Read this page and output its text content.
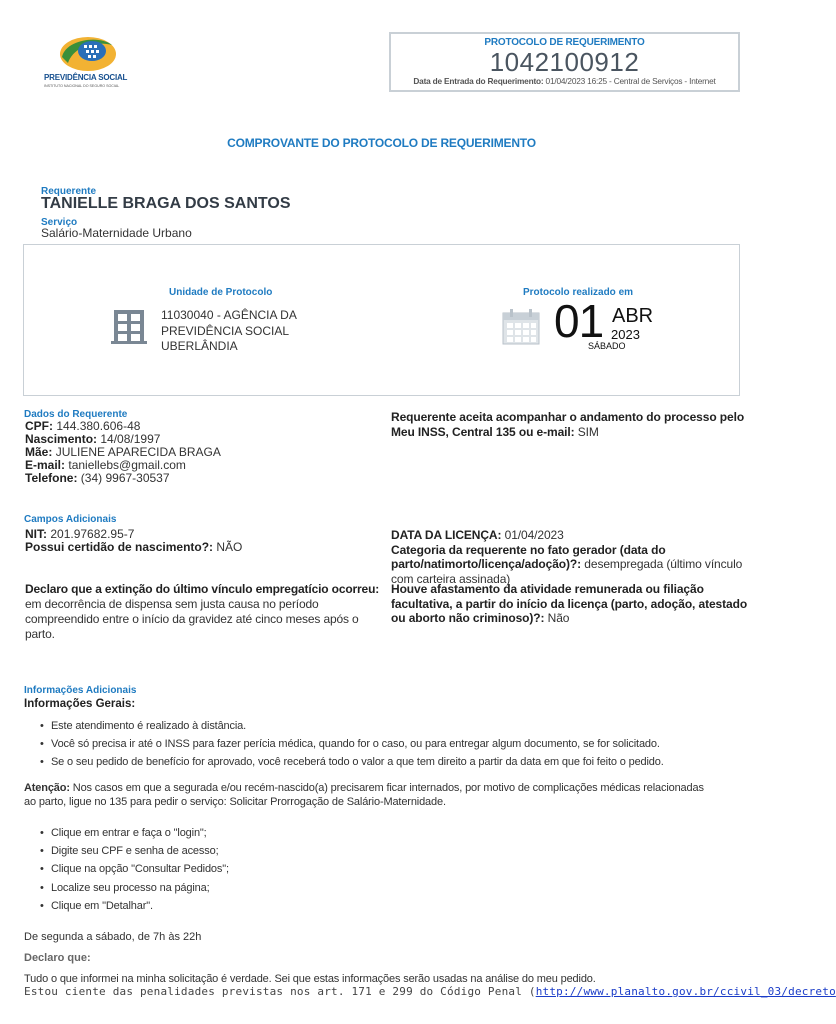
PREVIDÊNCIA SOCIAL
INSTITUTO NACIONAL DO SEGURO SOCIAL
PROTOCOLO DE REQUERIMENTO
1042100912
Data de Entrada do Requerimento: 01/04/2023 16:25 - Central de Serviços - Internet
COMPROVANTE DO PROTOCOLO DE REQUERIMENTO
Requerente
TANIELLE BRAGA DOS SANTOS
Serviço
Salário-Maternidade Urbano
Unidade de Protocolo
11030040 - AGÊNCIA DA
PREVIDÊNCIA SOCIAL
UBERLÂNDIA
Protocolo realizado em
01 ABR
2023
SÁBADO
Dados do Requerente
CPF: 144.380.606-48
Nascimento: 14/08/1997
Mãe: JULIENE APARECIDA BRAGA
E-mail: taniellebs@gmail.com
Telefone: (34) 9967-30537
Requerente aceita acompanhar o andamento do processo pelo
Meu INSS, Central 135 ou e-mail: SIM
Campos Adicionais
NIT: 201.97682.95-7
Possui certidão de nascimento?: NÃO
DATA DA LICENÇA: 01/04/2023
Categoria da requerente no fato gerador (data do
parto/natimorto/licença/adoção)?: desempregada (último vínculo
com carteira assinada)
Declaro que a extinção do último vínculo empregatício ocorreu:
em decorrência de dispensa sem justa causa no período
compreendido entre o início da gravidez até cinco meses após o parto.
Houve afastamento da atividade remunerada ou filiação
facultativa, a partir do início da licença (parto, adoção, atestado
ou aborto não criminoso)?: Não
Informações Adicionais
Informações Gerais:
• Este atendimento é realizado à distância.
• Você só precisa ir até o INSS para fazer perícia médica, quando for o caso, ou para entregar algum documento, se for solicitado.
• Se o seu pedido de benefício for aprovado, você receberá todo o valor a que tem direito a partir da data em que foi feito o pedido.
Atenção: Nos casos em que a segurada e/ou recém-nascido(a) precisarem ficar internados, por motivo de complicações médicas relacionadas
ao parto, ligue no 135 para pedir o serviço: Solicitar Prorrogação de Salário-Maternidade.
• Clique em entrar e faça o "login";
• Digite seu CPF e senha de acesso;
• Clique na opção "Consultar Pedidos";
• Localize seu processo na página;
• Clique em "Detalhar".
De segunda a sábado, de 7h às 22h
Declaro que:
Tudo o que informei na minha solicitação é verdade. Sei que estas informações serão usadas na análise do meu pedido.
Estou ciente das penalidades previstas nos art. 171 e 299 do Código Penal (http://www.planalto.gov.br/ccivil_03/decreto
